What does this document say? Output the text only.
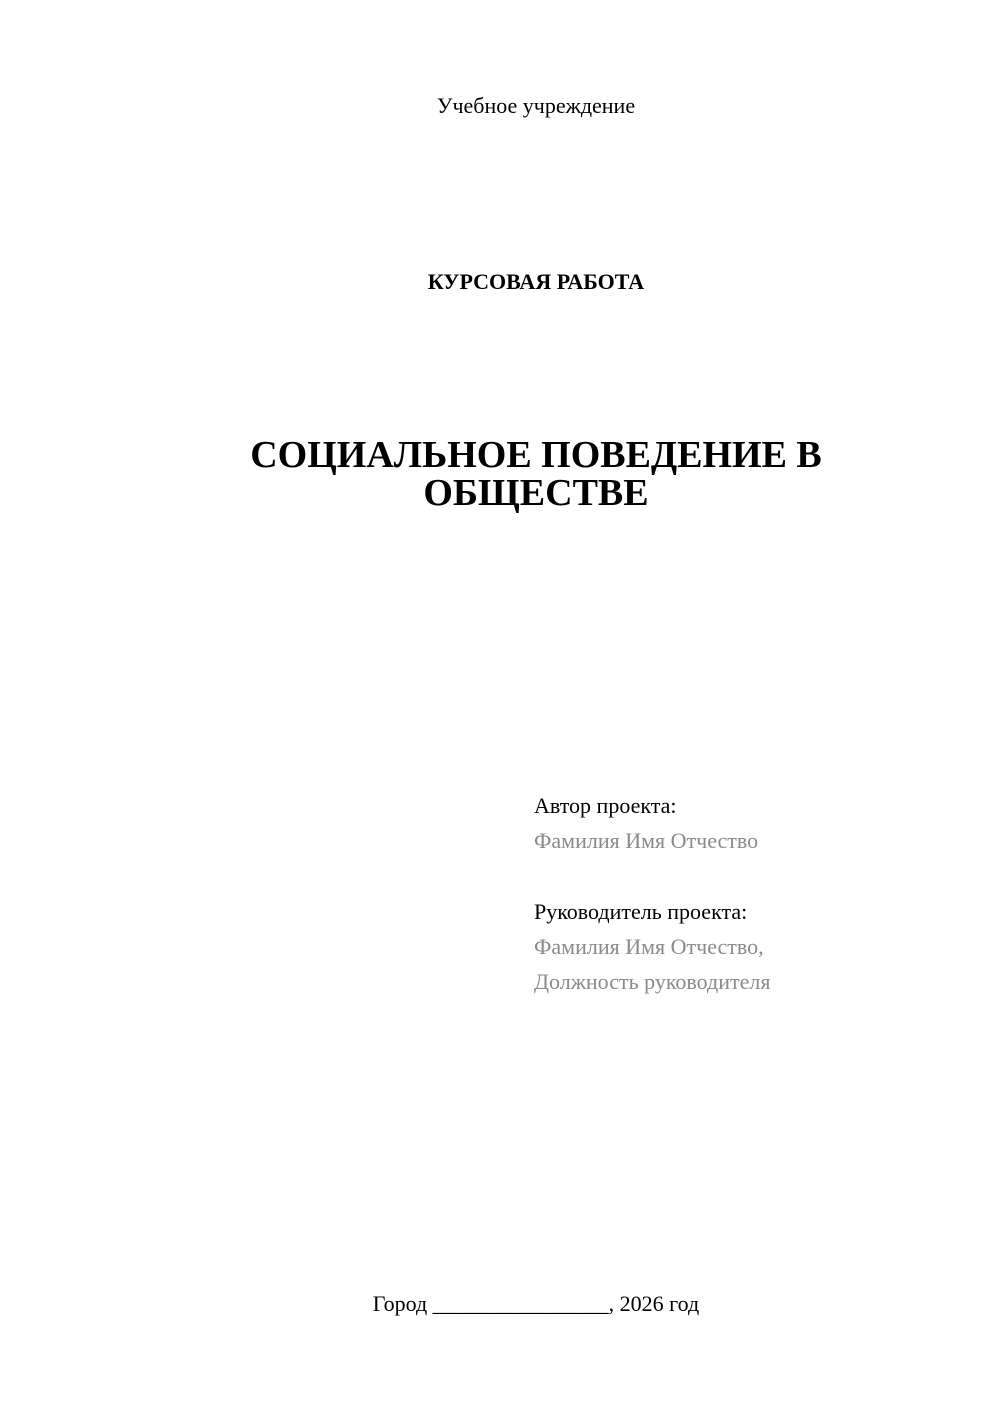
Учебное учреждение
КУРСОВАЯ РАБОТА
СОЦИАЛЬНОЕ ПОВЕДЕНИЕ В
ОБЩЕСТВЕ
Автор проекта:
Фамилия Имя Отчество
Руководитель проекта:
Фамилия Имя Отчество,
Должность руководителя
Город ________________, 2026 год
